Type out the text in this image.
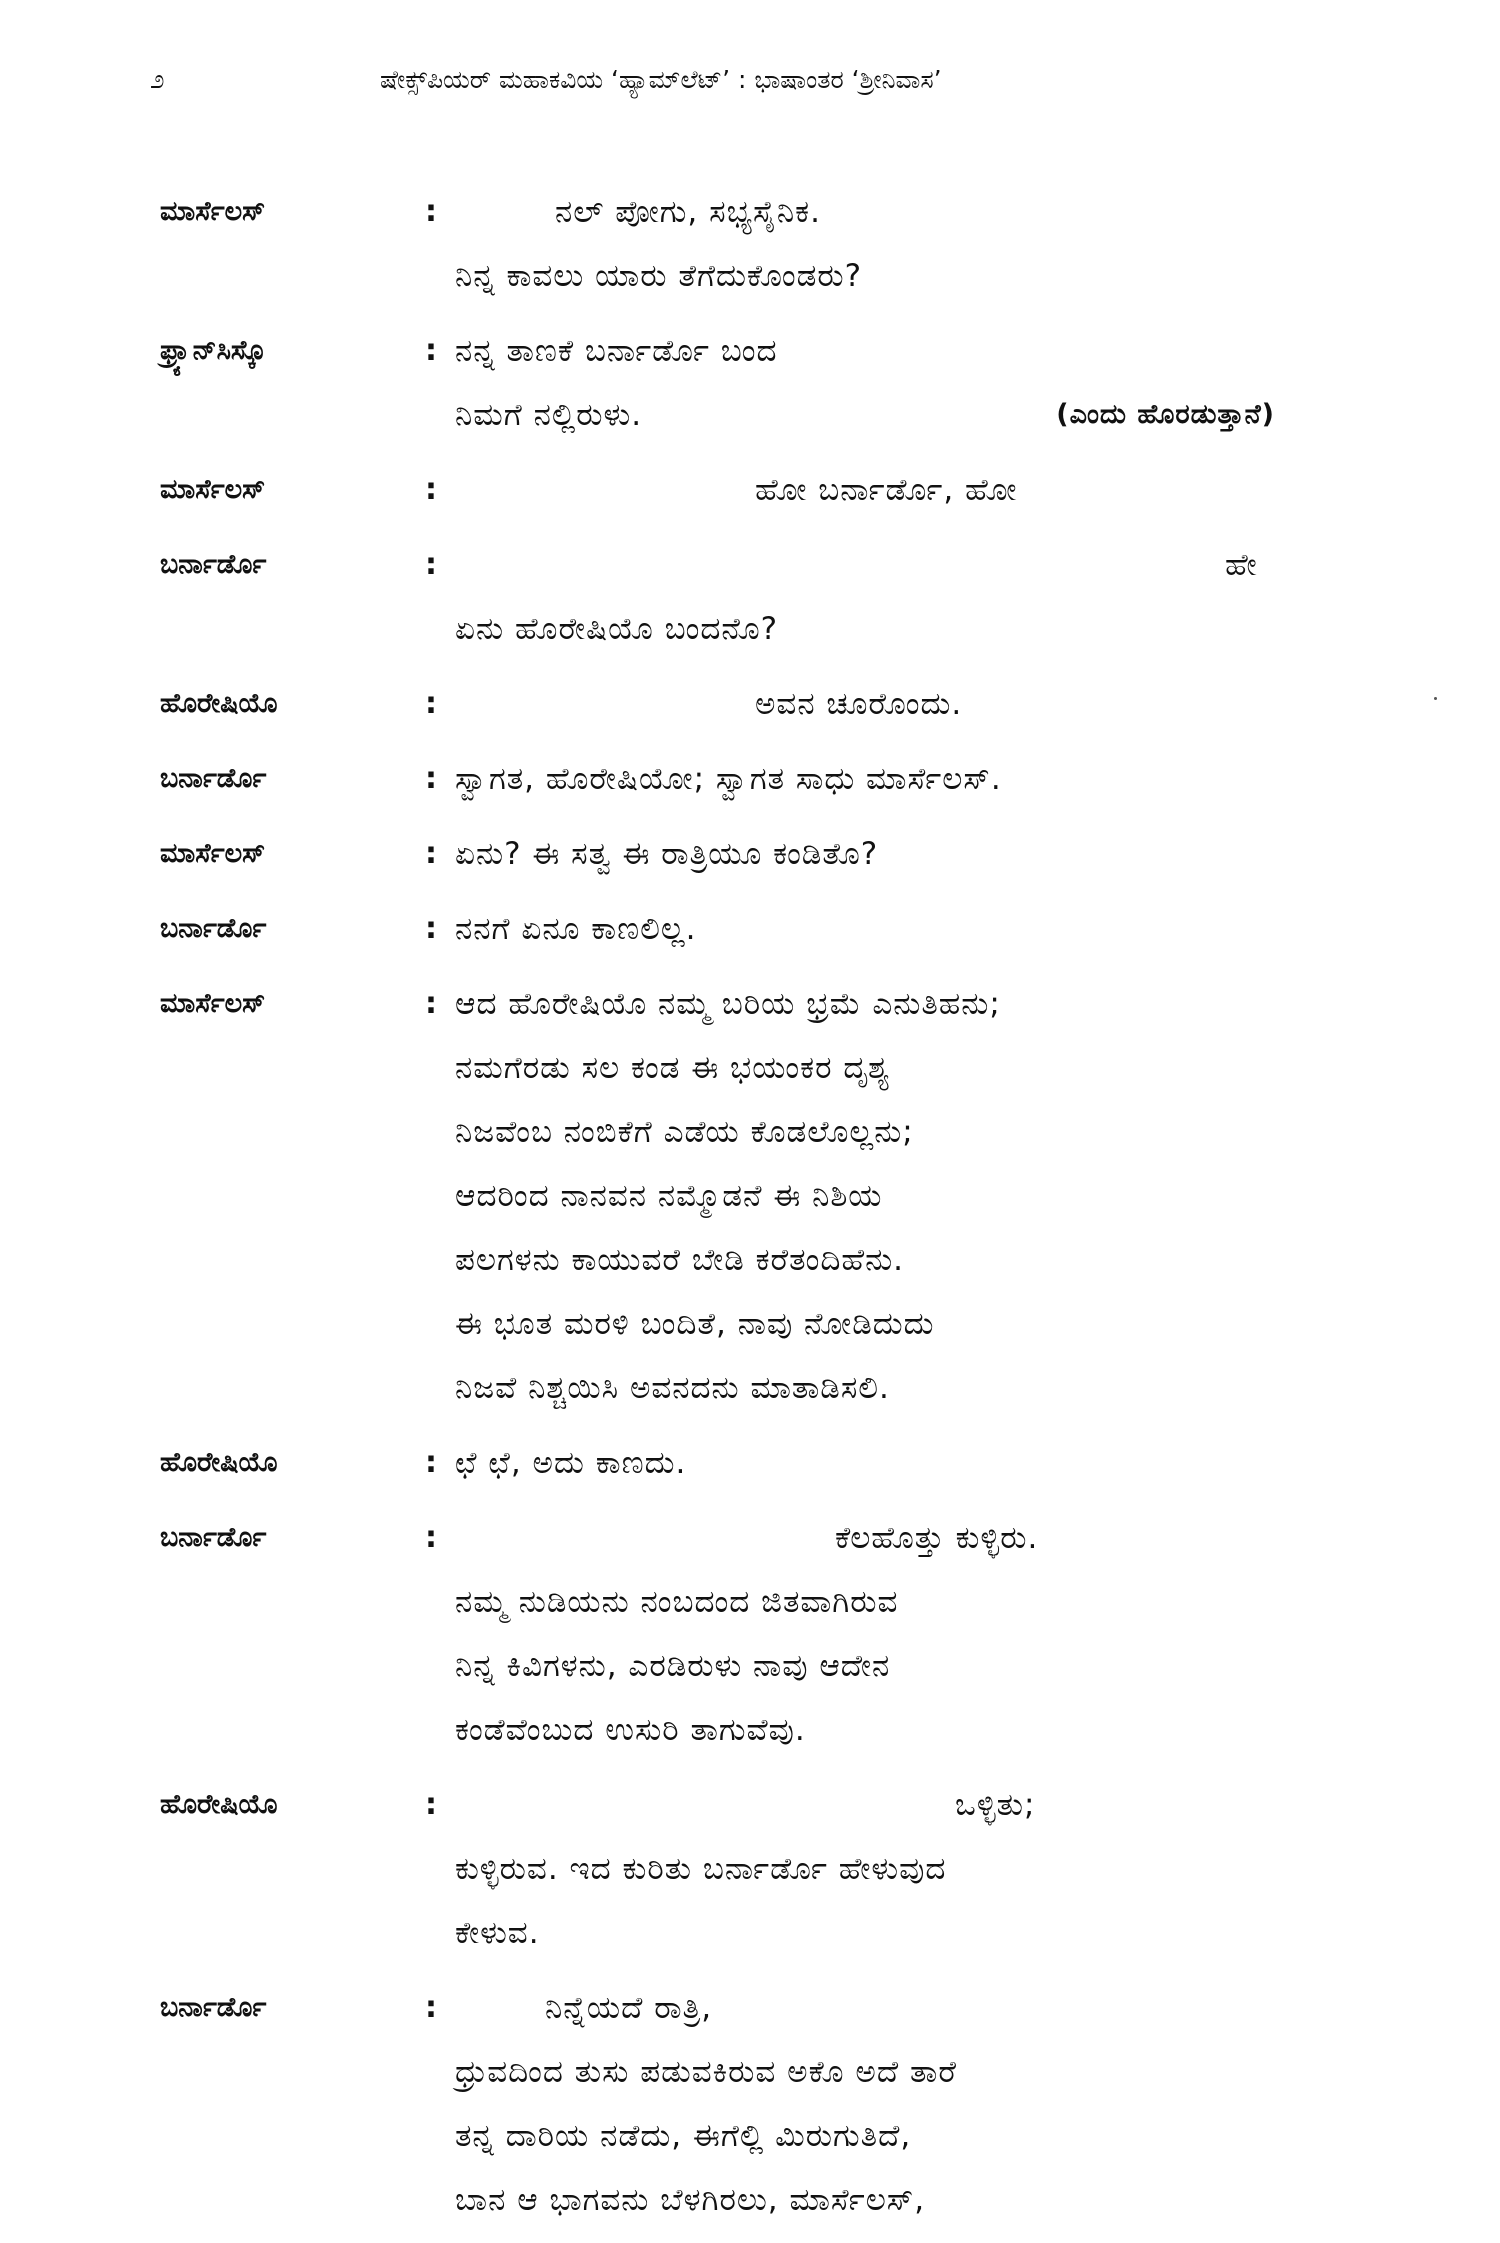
೨	ಷೇಕ್ಸ್‌ಪಿಯರ್ ಮಹಾಕವಿಯ ‘ಹ್ಯಾಮ್‌ಲೆಟ್’ : ಭಾಷಾಂತರ ‘ಶ್ರೀನಿವಾಸ’
ಮಾರ್ಸೆಲಸ್	:	ನಲ್ ಪೋಗು, ಸಭ್ಯಸೈನಿಕ.
ನಿನ್ನ ಕಾವಲು ಯಾರು ತೆಗೆದುಕೊಂಡರು?
ಫ್ರ್ಯಾನ್‌ಸಿಸ್ಕೊ	: ನನ್ನ ತಾಣಕೆ ಬರ್ನಾರ್ಡೊ ಬಂದ
ನಿಮಗೆ ನಲ್ಲಿರುಳು.	(ಎಂದು ಹೊರಡುತ್ತಾನೆ)
ಮಾರ್ಸೆಲಸ್	:	ಹೋ ಬರ್ನಾರ್ಡೊ, ಹೋ
ಬರ್ನಾರ್ಡೊ	:	ಹೇ
ಏನು ಹೊರೇಷಿಯೊ ಬಂದನೊ?
ಹೊರೇಷಿಯೊ	:	ಅವನ ಚೂರೊಂದು.
ಬರ್ನಾರ್ಡೊ	: ಸ್ವಾಗತ, ಹೊರೇಷಿಯೋ; ಸ್ವಾಗತ ಸಾಧು ಮಾರ್ಸೆಲಸ್.
ಮಾರ್ಸೆಲಸ್	: ಏನು? ಈ ಸತ್ವ ಈ ರಾತ್ರಿಯೂ ಕಂಡಿತೊ?
ಬರ್ನಾರ್ಡೊ	: ನನಗೆ ಏನೂ ಕಾಣಲಿಲ್ಲ.
ಮಾರ್ಸೆಲಸ್	: ಆದ ಹೊರೇಷಿಯೊ ನಮ್ಮ ಬರಿಯ ಭ್ರಮೆ ಎನುತಿಹನು;
ನಮಗೆರಡು ಸಲ ಕಂಡ ಈ ಭಯಂಕರ ದೃಶ್ಯ
ನಿಜವೆಂಬ ನಂಬಿಕೆಗೆ ಎಡೆಯ ಕೊಡಲೊಲ್ಲನು;
ಆದರಿಂದ ನಾನವನ ನಮ್ಮೊಡನೆ ಈ ನಿಶಿಯ
ಪಲಗಳನು ಕಾಯುವರೆ ಬೇಡಿ ಕರೆತಂದಿಹೆನು.
ಈ ಭೂತ ಮರಳಿ ಬಂದಿತೆ, ನಾವು ನೋಡಿದುದು
ನಿಜವೆ ನಿಶ್ಚಯಿಸಿ ಅವನದನು ಮಾತಾಡಿಸಲಿ.
ಹೊರೇಷಿಯೊ	: ಛೆ ಛೆ, ಅದು ಕಾಣದು.
ಬರ್ನಾರ್ಡೊ	:	ಕೆಲಹೊತ್ತು ಕುಳ್ಳಿರು.
ನಮ್ಮ ನುಡಿಯನು ನಂಬದಂದ ಜಿತವಾಗಿರುವ
ನಿನ್ನ ಕಿವಿಗಳನು, ಎರಡಿರುಳು ನಾವು ಆದೇನ
ಕಂಡೆವೆಂಬುದ ಉಸುರಿ ತಾಗುವೆವು.
ಹೊರೇಷಿಯೊ	:	ಒಳ್ಳಿತು;
ಕುಳ್ಳಿರುವ. ಇದ ಕುರಿತು ಬರ್ನಾರ್ಡೊ ಹೇಳುವುದ
ಕೇಳುವ.
ಬರ್ನಾರ್ಡೊ	:	ನಿನ್ನೆಯದೆ ರಾತ್ರಿ,
ಧ್ರುವದಿಂದ ತುಸು ಪಡುವಕಿರುವ ಅಕೊ ಅದೆ ತಾರೆ
ತನ್ನ ದಾರಿಯ ನಡೆದು, ಈಗೆಲ್ಲಿ ಮಿರುಗುತಿದೆ,
ಬಾನ ಆ ಭಾಗವನು ಬೆಳಗಿರಲು, ಮಾರ್ಸೆಲಸ್,
